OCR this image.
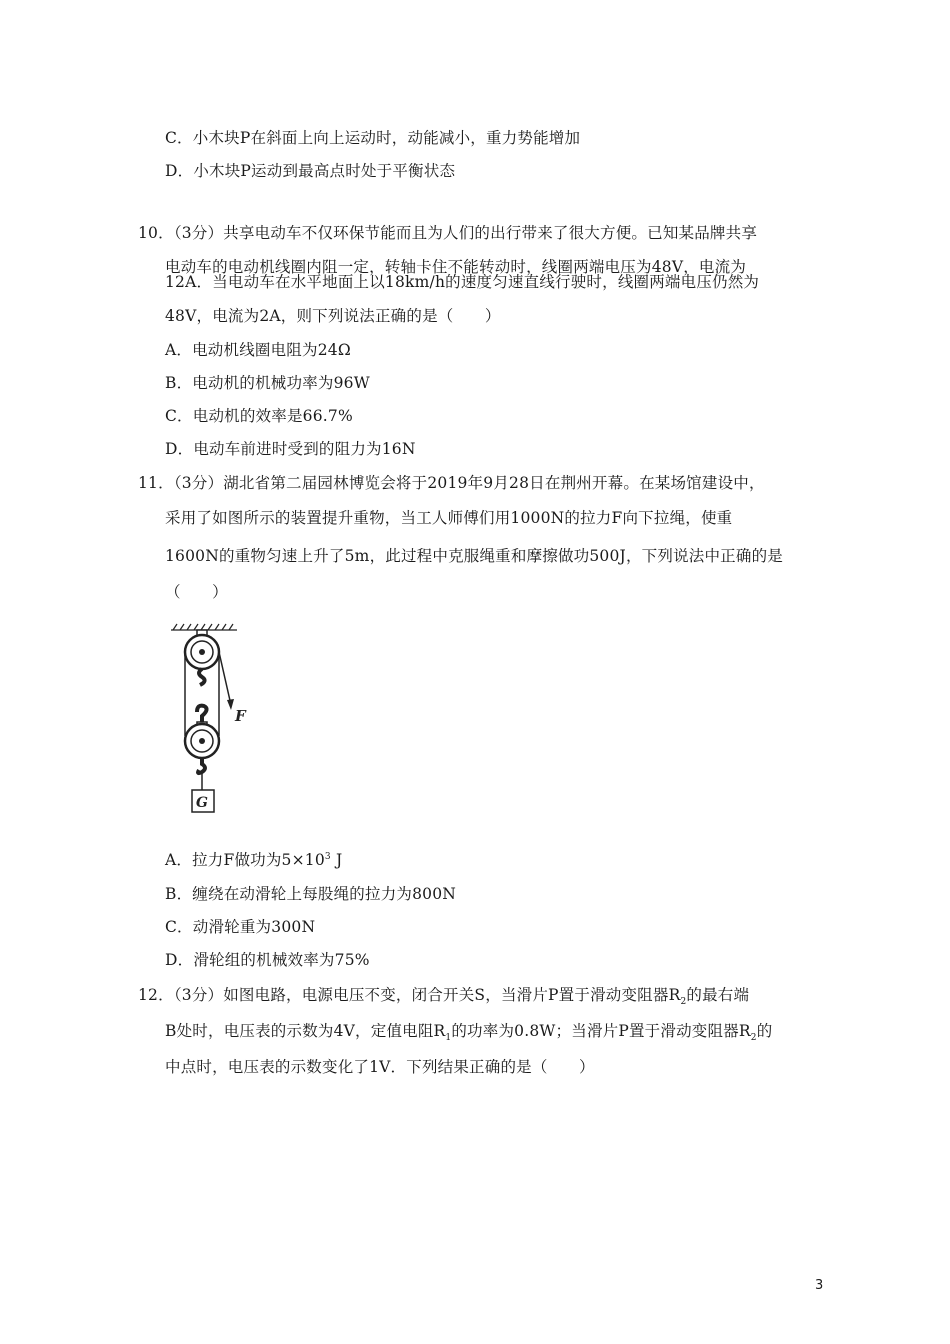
C．小木块P在斜面上向上运动时，动能减小，重力势能增加
D．小木块P运动到最高点时处于平衡状态
10．（3分）共享电动车不仅环保节能而且为人们的出行带来了很大方便。已知某品牌共享
电动车的电动机线圈内阻一定，转轴卡住不能转动时，线圈两端电压为48V，电流为
12A．当电动车在水平地面上以18km/h的速度匀速直线行驶时，线圈两端电压仍然为
48V，电流为2A，则下列说法正确的是（　　）
A．电动机线圈电阻为24Ω
B．电动机的机械功率为96W
C．电动机的效率是66.7%
D．电动车前进时受到的阻力为16N
11．（3分）湖北省第二届园林博览会将于2019年9月28日在荆州开幕。在某场馆建设中，
采用了如图所示的装置提升重物，当工人师傅们用1000N的拉力F向下拉绳，使重
1600N的重物匀速上升了5m，此过程中克服绳重和摩擦做功500J，下列说法中正确的是
（　　）
F
G
A．拉力F做功为$5\times 10^3$ J
B．缠绕在动滑轮上每股绳的拉力为800N
C．动滑轮重为300N
D．滑轮组的机械效率为75%
12．（3分）如图电路，电源电压不变，闭合开关S，当滑片P置于滑动变阻器$R_2$的最右端
B处时，电压表的示数为4V，定值电阻$R_1$的功率为0.8W；当滑片P置于滑动变阻器$R_2$的
中点时，电压表的示数变化了1V．下列结果正确的是（　　）
3
